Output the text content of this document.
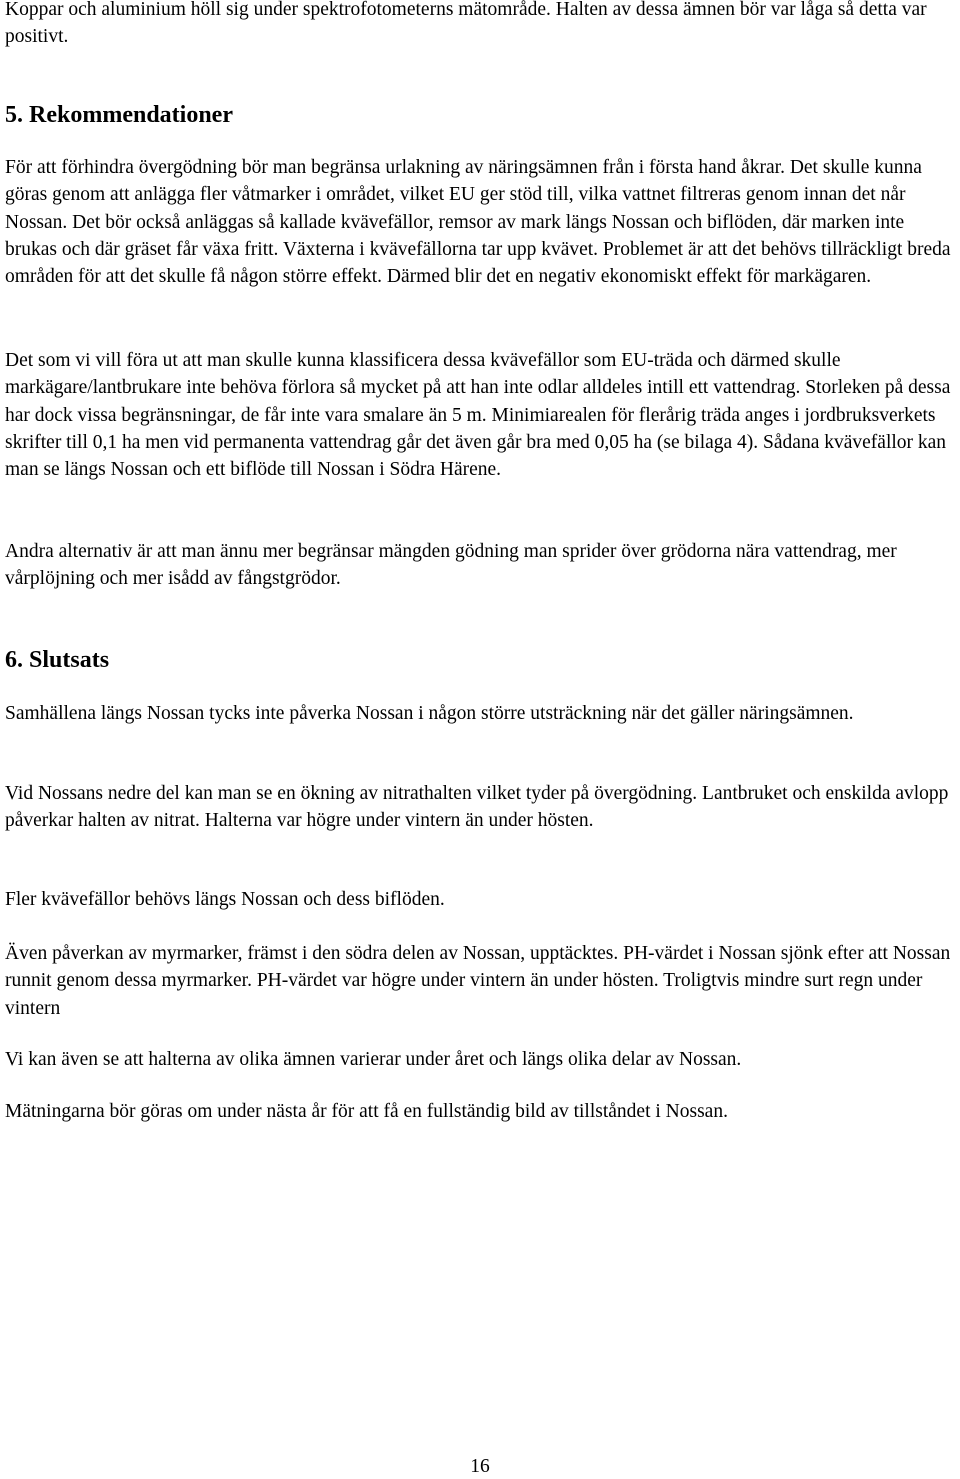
Koppar och aluminium höll sig under spektrofotometerns mätområde. Halten av dessa ämnen bör var låga så detta var positivt.

5. Rekommendationer

För att förhindra övergödning bör man begränsa urlakning av näringsämnen från i första hand åkrar. Det skulle kunna göras genom att anlägga fler våtmarker i området, vilket EU ger stöd till, vilka vattnet filtreras genom innan det når Nossan. Det bör också anläggas så kallade kvävefällor, remsor av mark längs Nossan och biflöden, där marken inte brukas och där gräset får växa fritt. Växterna i kvävefällorna tar upp kvävet. Problemet är att det behövs tillräckligt breda områden för att det skulle få någon större effekt. Därmed blir det en negativ ekonomiskt effekt för markägaren.

Det som vi vill föra ut att man skulle kunna klassificera dessa kvävefällor som EU-träda och därmed skulle markägare/lantbrukare inte behöva förlora så mycket på att han inte odlar alldeles intill ett vattendrag. Storleken på dessa har dock vissa begränsningar, de får inte vara smalare än 5 m. Minimiarealen för flerårig träda anges i jordbruksverkets skrifter till 0,1 ha men vid permanenta vattendrag går det även går bra med 0,05 ha (se bilaga 4). Sådana kvävefällor kan man se längs Nossan och ett biflöde till Nossan i Södra Härene.

Andra alternativ är att man ännu mer begränsar mängden gödning man sprider över grödorna nära vattendrag, mer vårplöjning och mer isådd av fångstgrödor.

6. Slutsats

Samhällena längs Nossan tycks inte påverka Nossan i någon större utsträckning när det gäller näringsämnen.

Vid Nossans nedre del kan man se en ökning av nitrathalten vilket tyder på övergödning. Lantbruket och enskilda avlopp påverkar halten av nitrat. Halterna var högre under vintern än under hösten.

Fler kvävefällor behövs längs Nossan och dess biflöden.

Även påverkan av myrmarker, främst i den södra delen av Nossan, upptäcktes. PH-värdet i Nossan sjönk efter att Nossan runnit genom dessa myrmarker. PH-värdet var högre under vintern än under hösten. Troligtvis mindre surt regn under vintern

Vi kan även se att halterna av olika ämnen varierar under året och längs olika delar av Nossan.

Mätningarna bör göras om under nästa år för att få en fullständig bild av tillståndet i Nossan.

16
